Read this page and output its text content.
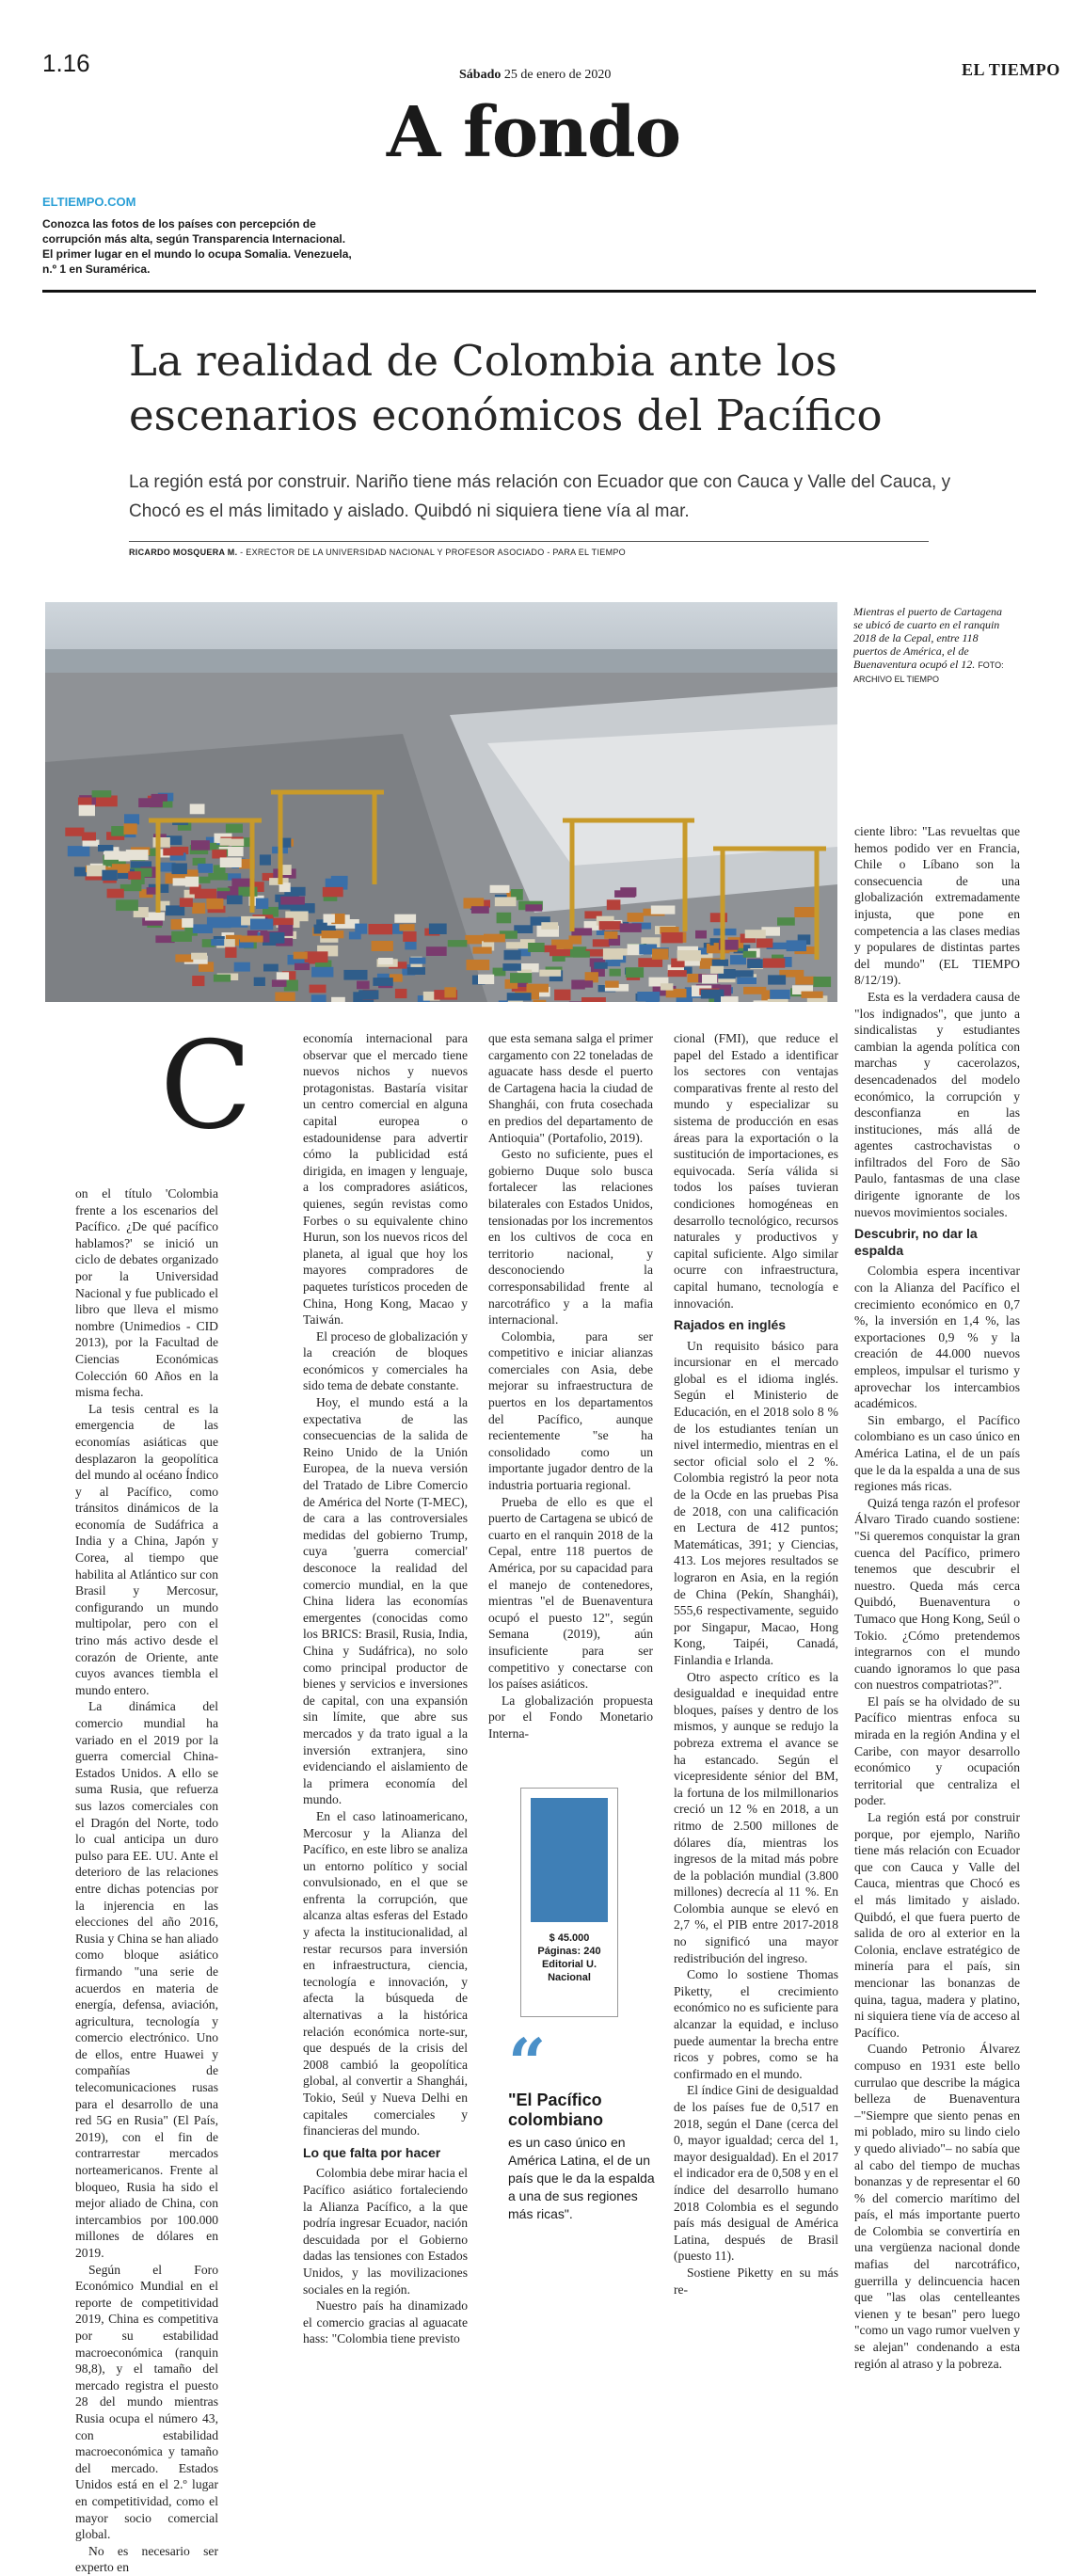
1.16	Sábado 25 de enero de 2020	EL TIEMPO
A fondo
ELTIEMPO.COM
Conozca las fotos de los países con percepción de corrupción más alta, según Transparencia Internacional. El primer lugar en el mundo lo ocupa Somalia. Venezuela, n.º 1 en Suramérica.
La realidad de Colombia ante los escenarios económicos del Pacífico
La región está por construir. Nariño tiene más relación con Ecuador que con Cauca y Valle del Cauca, y Chocó es el más limitado y aislado. Quibdó ni siquiera tiene vía al mar.
RICARDO MOSQUERA M. - EXRECTOR DE LA UNIVERSIDAD NACIONAL Y PROFESOR ASOCIADO - PARA EL TIEMPO
Mientras el puerto de Cartagena se ubicó de cuarto en el ranquin 2018 de la Cepal, entre 118 puertos de América, el de Buenaventura ocupó el 12. FOTO: ARCHIVO EL TIEMPO
C

on el título 'Colombia frente a los escenarios del Pacífico. ¿De qué pacífico hablamos?' se inició un ciclo de debates organizado por la Universidad Nacional y fue publicado el libro que lleva el mismo nombre (Unimedios - CID 2013), por la Facultad de Ciencias Económicas Colección 60 Años en la misma fecha.

La tesis central es la emergencia de las economías asiáticas que desplazaron la geopolítica del mundo al océano Índico y al Pacífico, como tránsitos dinámicos de la economía de Sudáfrica a India y a China, Japón y Corea, al tiempo que habilita al Atlántico sur con Brasil y Mercosur, configurando un mundo multipolar, pero con el trino más activo desde el corazón de Oriente, ante cuyos avances tiembla el mundo entero.

La dinámica del comercio mundial ha variado en el 2019 por la guerra comercial China-Estados Unidos. A ello se suma Rusia, que refuerza sus lazos comerciales con el Dragón del Norte, todo lo cual anticipa un duro pulso para EE. UU. Ante el deterioro de las relaciones entre dichas potencias por la injerencia en las elecciones del año 2016, Rusia y China se han aliado como bloque asiático firmando "una serie de acuerdos en materia de energía, defensa, aviación, agricultura, tecnología y comercio electrónico. Uno de ellos, entre Huawei y compañías de telecomunicaciones rusas para el desarrollo de una red 5G en Rusia" (El País, 2019), con el fin de contrarrestar mercados norteamericanos. Frente al bloqueo, Rusia ha sido el mejor aliado de China, con intercambios por 100.000 millones de dólares en 2019.

Según el Foro Económico Mundial en el reporte de competitividad 2019, China es competitiva por su estabilidad macroeconómica (ranquin 98,8), y el tamaño del mercado registra el puesto 28 del mundo mientras Rusia ocupa el número 43, con estabilidad macroeconómica y tamaño del mercado. Estados Unidos está en el 2.º lugar en competitividad, como el mayor socio comercial global.

No es necesario ser experto en

economía internacional para observar que el mercado tiene nuevos nichos y nuevos protagonistas. Bastaría visitar un centro comercial en alguna capital europea o estadounidense para advertir cómo la publicidad está dirigida, en imagen y lenguaje, a los compradores asiáticos, quienes, según revistas como Forbes o su equivalente chino Hurun, son los nuevos ricos del planeta, al igual que hoy los mayores compradores de paquetes turísticos proceden de China, Hong Kong, Macao y Taiwán.

El proceso de globalización y la creación de bloques económicos y comerciales ha sido tema de debate constante.

Hoy, el mundo está a la expectativa de las consecuencias de la salida de Reino Unido de la Unión Europea, de la nueva versión del Tratado de Libre Comercio de América del Norte (T-MEC), de cara a las controversiales medidas del gobierno Trump, cuya 'guerra comercial' desconoce la realidad del comercio mundial, en la que China lidera las economías emergentes (conocidas como los BRICS: Brasil, Rusia, India, China y Sudáfrica), no solo como principal productor de bienes y servicios e inversiones de capital, con una expansión sin límite, que abre sus mercados y da trato igual a la inversión extranjera, sino evidenciando el aislamiento de la primera economía del mundo.

En el caso latinoamericano, Mercosur y la Alianza del Pacífico, en este libro se analiza un entorno político y social convulsionado, en el que se enfrenta la corrupción, que alcanza altas esferas del Estado y afecta la institucionalidad, al restar recursos para inversión en infraestructura, ciencia, tecnología e innovación, y afecta la búsqueda de alternativas a la histórica relación económica norte-sur, que después de la crisis del 2008 cambió la geopolítica global, al convertir a Shanghái, Tokio, Seúl y Nueva Delhi en capitales comerciales y financieras del mundo.

Lo que falta por hacer

Colombia debe mirar hacia el Pacífico asiático fortaleciendo la Alianza Pacífico, a la que podría ingresar Ecuador, nación descuidada por el Gobierno dadas las tensiones con Estados Unidos, y las movilizaciones sociales en la región.

Nuestro país ha dinamizado el comercio gracias al aguacate hass: "Colombia tiene previsto

que esta semana salga el primer cargamento con 22 toneladas de aguacate hass desde el puerto de Cartagena hacia la ciudad de Shanghái, con fruta cosechada en predios del departamento de Antioquia" (Portafolio, 2019).

Gesto no suficiente, pues el gobierno Duque solo busca fortalecer las relaciones bilaterales con Estados Unidos, tensionadas por los incrementos en los cultivos de coca en territorio nacional, y desconociendo la corresponsabilidad frente al narcotráfico y a la mafia internacional.

Colombia, para ser competitivo e iniciar alianzas comerciales con Asia, debe mejorar su infraestructura de puertos en los departamentos del Pacífico, aunque recientemente "se ha consolidado como un importante jugador dentro de la industria portuaria regional.

Prueba de ello es que el puerto de Cartagena se ubicó de cuarto en el ranquin 2018 de la Cepal, entre 118 puertos de América, por su capacidad para el manejo de contenedores, mientras "el de Buenaventura ocupó el puesto 12", según Semana (2019), aún insuficiente para ser competitivo y conectarse con los países asiáticos.

La globalización propuesta por el Fondo Monetario Interna-

$ 45.000
Páginas: 240
Editorial U. Nacional
“
"El Pacífico colombiano
es un caso único en América Latina, el de un país que le da la espalda a una de sus regiones más ricas".

cional (FMI), que reduce el papel del Estado a identificar los sectores con ventajas comparativas frente al resto del mundo y especializar su sistema de producción en esas áreas para la exportación o la sustitución de importaciones, es equivocada. Sería válida si todos los países tuvieran condiciones homogéneas en desarrollo tecnológico, recursos naturales y productivos y capital suficiente. Algo similar ocurre con infraestructura, capital humano, tecnología e innovación.

Rajados en inglés

Un requisito básico para incursionar en el mercado global es el idioma inglés. Según el Ministerio de Educación, en el 2018 solo 8 % de los estudiantes tenían un nivel intermedio, mientras en el sector oficial solo el 2 %. Colombia registró la peor nota de la Ocde en las pruebas Pisa de 2018, con una calificación en Lectura de 412 puntos; Matemáticas, 391; y Ciencias, 413. Los mejores resultados se lograron en Asia, en la región de China (Pekín, Shanghái), 555,6 respectivamente, seguido por Singapur, Macao, Hong Kong, Taipéi, Canadá, Finlandia e Irlanda.

Otro aspecto crítico es la desigualdad e inequidad entre bloques, países y dentro de los mismos, y aunque se redujo la pobreza extrema el avance se ha estancado. Según el vicepresidente sénior del BM, la fortuna de los milmillonarios creció un 12 % en 2018, a un ritmo de 2.500 millones de dólares día, mientras los ingresos de la mitad más pobre de la población mundial (3.800 millones) decrecía al 11 %. En Colombia aunque se elevó en 2,7 %, el PIB entre 2017-2018 no significó una mayor redistribución del ingreso.

Como lo sostiene Thomas Piketty, el crecimiento económico no es suficiente para alcanzar la equidad, e incluso puede aumentar la brecha entre ricos y pobres, como se ha confirmado en el mundo.

El índice Gini de desigualdad de los países fue de 0,517 en 2018, según el Dane (cerca del 0, mayor igualdad; cerca del 1, mayor desigualdad). En el 2017 el indicador era de 0,508 y en el índice del desarrollo humano 2018 Colombia es el segundo país más desigual de América Latina, después de Brasil (puesto 11).

Sostiene Piketty en su más re-

ciente libro: "Las revueltas que hemos podido ver en Francia, Chile o Líbano son la consecuencia de una globalización extremadamente injusta, que pone en competencia a las clases medias y populares de distintas partes del mundo" (EL TIEMPO 8/12/19).

Esta es la verdadera causa de "los indignados", que junto a sindicalistas y estudiantes cambian la agenda política con marchas y cacerolazos, desencadenados del modelo económico, la corrupción y desconfianza en las instituciones, más allá de agentes castrochavistas o infiltrados del Foro de São Paulo, fantasmas de una clase dirigente ignorante de los nuevos movimientos sociales.

Descubrir, no dar la espalda

Colombia espera incentivar con la Alianza del Pacífico el crecimiento económico en 0,7 %, la inversión en 1,4 %, las exportaciones 0,9 % y la creación de 44.000 nuevos empleos, impulsar el turismo y aprovechar los intercambios académicos.

Sin embargo, el Pacífico colombiano es un caso único en América Latina, el de un país que le da la espalda a una de sus regiones más ricas.

Quizá tenga razón el profesor Álvaro Tirado cuando sostiene: "Si queremos conquistar la gran cuenca del Pacífico, primero tenemos que descubrir el nuestro. Queda más cerca Quibdó, Buenaventura o Tumaco que Hong Kong, Seúl o Tokio. ¿Cómo pretendemos integrarnos con el mundo cuando ignoramos lo que pasa con nuestros compatriotas?".

El país se ha olvidado de su Pacífico mientras enfoca su mirada en la región Andina y el Caribe, con mayor desarrollo económico y ocupación territorial que centraliza el poder.

La región está por construir porque, por ejemplo, Nariño tiene más relación con Ecuador que con Cauca y Valle del Cauca, mientras que Chocó es el más limitado y aislado. Quibdó, el que fuera puerto de salida de oro al exterior en la Colonia, enclave estratégico de minería para el país, sin mencionar las bonanzas de quina, tagua, madera y platino, ni siquiera tiene vía de acceso al Pacífico.

Cuando Petronio Álvarez compuso en 1931 este bello currulao que describe la mágica belleza de Buenaventura –"Siempre que siento penas en mi poblado, miro su lindo cielo y quedo aliviado"– no sabía que al cabo del tiempo de muchas bonanzas y de representar el 60 % del comercio marítimo del país, el más importante puerto de Colombia se convertiría en una vergüenza nacional donde mafias del narcotráfico, guerrilla y delincuencia hacen que "las olas centelleantes vienen y te besan" pero luego "como un vago rumor vuelven y se alejan" condenando a esta región al atraso y la pobreza.
